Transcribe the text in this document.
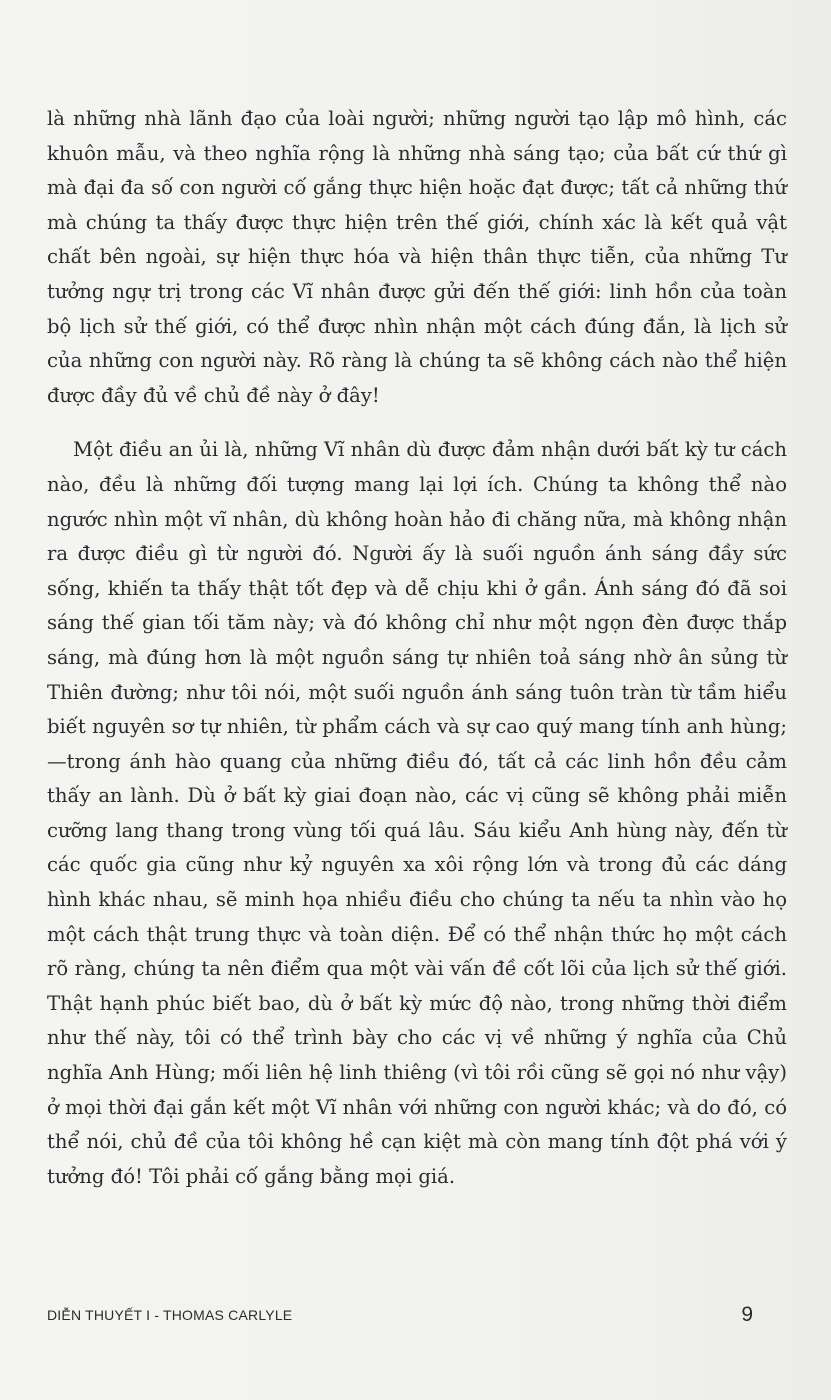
là những nhà lãnh đạo của loài người; những người tạo lập mô hình, các khuôn mẫu, và theo nghĩa rộng là những nhà sáng tạo; của bất cứ thứ gì mà đại đa số con người cố gắng thực hiện hoặc đạt được; tất cả những thứ mà chúng ta thấy được thực hiện trên thế giới, chính xác là kết quả vật chất bên ngoài, sự hiện thực hóa và hiện thân thực tiễn, của những Tư tưởng ngự trị trong các Vĩ nhân được gửi đến thế giới: linh hồn của toàn bộ lịch sử thế giới, có thể được nhìn nhận một cách đúng đắn, là lịch sử của những con người này. Rõ ràng là chúng ta sẽ không cách nào thể hiện được đầy đủ về chủ đề này ở đây!

Một điều an ủi là, những Vĩ nhân dù được đảm nhận dưới bất kỳ tư cách nào, đều là những đối tượng mang lại lợi ích. Chúng ta không thể nào ngước nhìn một vĩ nhân, dù không hoàn hảo đi chăng nữa, mà không nhận ra được điều gì từ người đó. Người ấy là suối nguồn ánh sáng đầy sức sống, khiến ta thấy thật tốt đẹp và dễ chịu khi ở gần. Ánh sáng đó đã soi sáng thế gian tối tăm này; và đó không chỉ như một ngọn đèn được thắp sáng, mà đúng hơn là một nguồn sáng tự nhiên toả sáng nhờ ân sủng từ Thiên đường; như tôi nói, một suối nguồn ánh sáng tuôn tràn từ tầm hiểu biết nguyên sơ tự nhiên, từ phẩm cách và sự cao quý mang tính anh hùng; —trong ánh hào quang của những điều đó, tất cả các linh hồn đều cảm thấy an lành. Dù ở bất kỳ giai đoạn nào, các vị cũng sẽ không phải miễn cưỡng lang thang trong vùng tối quá lâu. Sáu kiểu Anh hùng này, đến từ các quốc gia cũng như kỷ nguyên xa xôi rộng lớn và trong đủ các dáng hình khác nhau, sẽ minh họa nhiều điều cho chúng ta nếu ta nhìn vào họ một cách thật trung thực và toàn diện. Để có thể nhận thức họ một cách rõ ràng, chúng ta nên điểm qua một vài vấn đề cốt lõi của lịch sử thế giới. Thật hạnh phúc biết bao, dù ở bất kỳ mức độ nào, trong những thời điểm như thế này, tôi có thể trình bày cho các vị về những ý nghĩa của Chủ nghĩa Anh Hùng; mối liên hệ linh thiêng (vì tôi rồi cũng sẽ gọi nó như vậy) ở mọi thời đại gắn kết một Vĩ nhân với những con người khác; và do đó, có thể nói, chủ đề của tôi không hề cạn kiệt mà còn mang tính đột phá với ý tưởng đó! Tôi phải cố gắng bằng mọi giá.

DIỄN THUYẾT I - THOMAS CARLYLE	9
